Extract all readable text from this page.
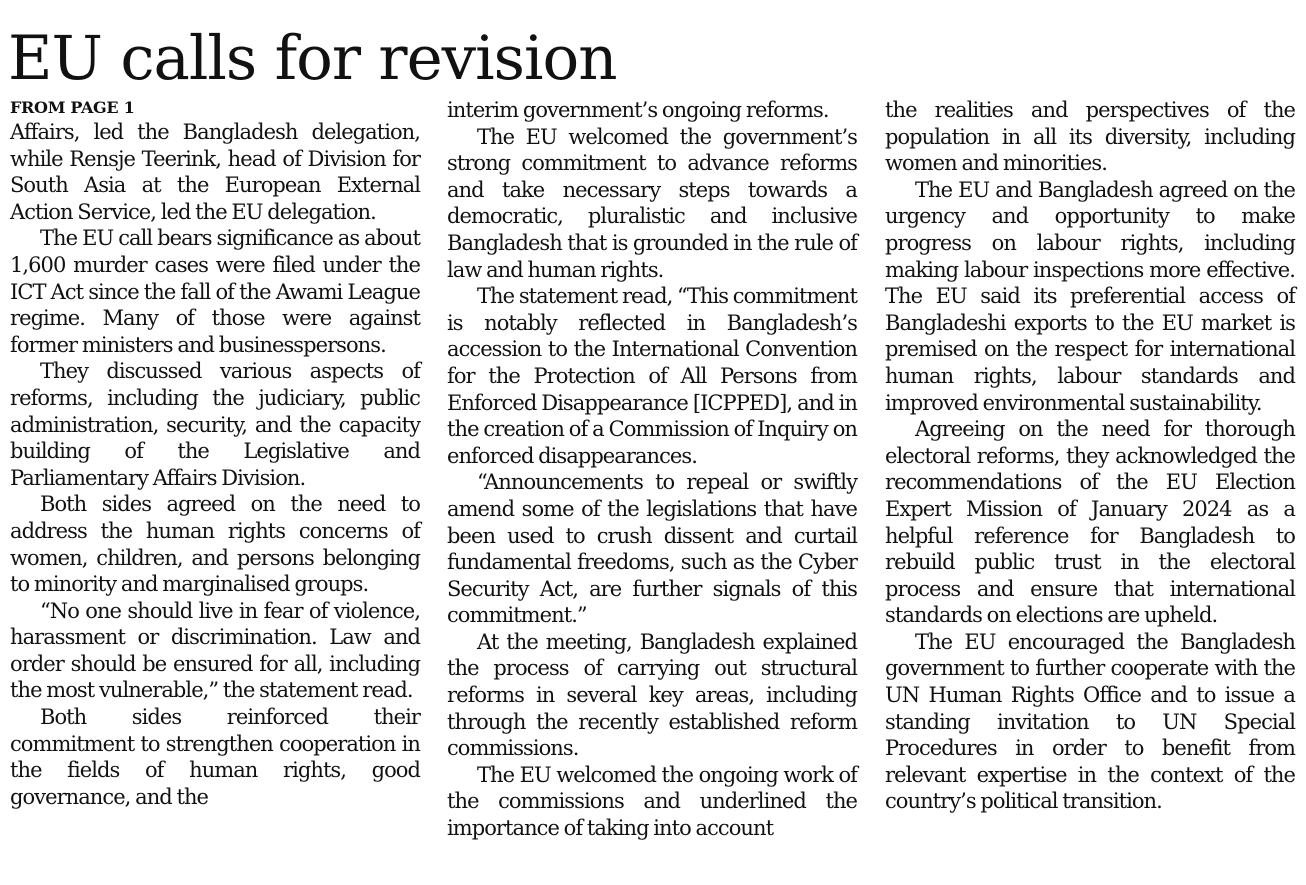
EU calls for revision
FROM PAGE 1

Affairs, led the Bangladesh delegation, while Rensje Teerink, head of Division for South Asia at the European External Action Service, led the EU delegation.

The EU call bears significance as about 1,600 murder cases were filed under the ICT Act since the fall of the Awami League regime. Many of those were against former ministers and businesspersons.

They discussed various aspects of reforms, including the judiciary, public administration, security, and the capacity building of the Legislative and Parliamentary Affairs Division.

Both sides agreed on the need to address the human rights concerns of women, children, and persons belonging to minority and marginalised groups.

“No one should live in fear of violence, harassment or discrimination. Law and order should be ensured for all, including the most vulnerable,” the statement read.

Both sides reinforced their commitment to strengthen cooperation in the fields of human rights, good governance, and the

interim government’s ongoing reforms.

The EU welcomed the government’s strong commitment to advance reforms and take necessary steps towards a democratic, pluralistic and inclusive Bangladesh that is grounded in the rule of law and human rights.

The statement read, “This commitment is notably reflected in Bangladesh’s accession to the International Convention for the Protection of All Persons from Enforced Disappearance [ICPPED], and in the creation of a Commission of Inquiry on enforced disappearances.

“Announcements to repeal or swiftly amend some of the legislations that have been used to crush dissent and curtail fundamental freedoms, such as the Cyber Security Act, are further signals of this commitment.”

At the meeting, Bangladesh explained the process of carrying out structural reforms in several key areas, including through the recently established reform commissions.

The EU welcomed the ongoing work of the commissions and underlined the importance of taking into account

the realities and perspectives of the population in all its diversity, including women and minorities.

The EU and Bangladesh agreed on the urgency and opportunity to make progress on labour rights, including making labour inspections more effective. The EU said its preferential access of Bangladeshi exports to the EU market is premised on the respect for international human rights, labour standards and improved environmental sustainability.

Agreeing on the need for thorough electoral reforms, they acknowledged the recommendations of the EU Election Expert Mission of January 2024 as a helpful reference for Bangladesh to rebuild public trust in the electoral process and ensure that international standards on elections are upheld.

The EU encouraged the Bangladesh government to further cooperate with the UN Human Rights Office and to issue a standing invitation to UN Special Procedures in order to benefit from relevant expertise in the context of the country’s political transition.
